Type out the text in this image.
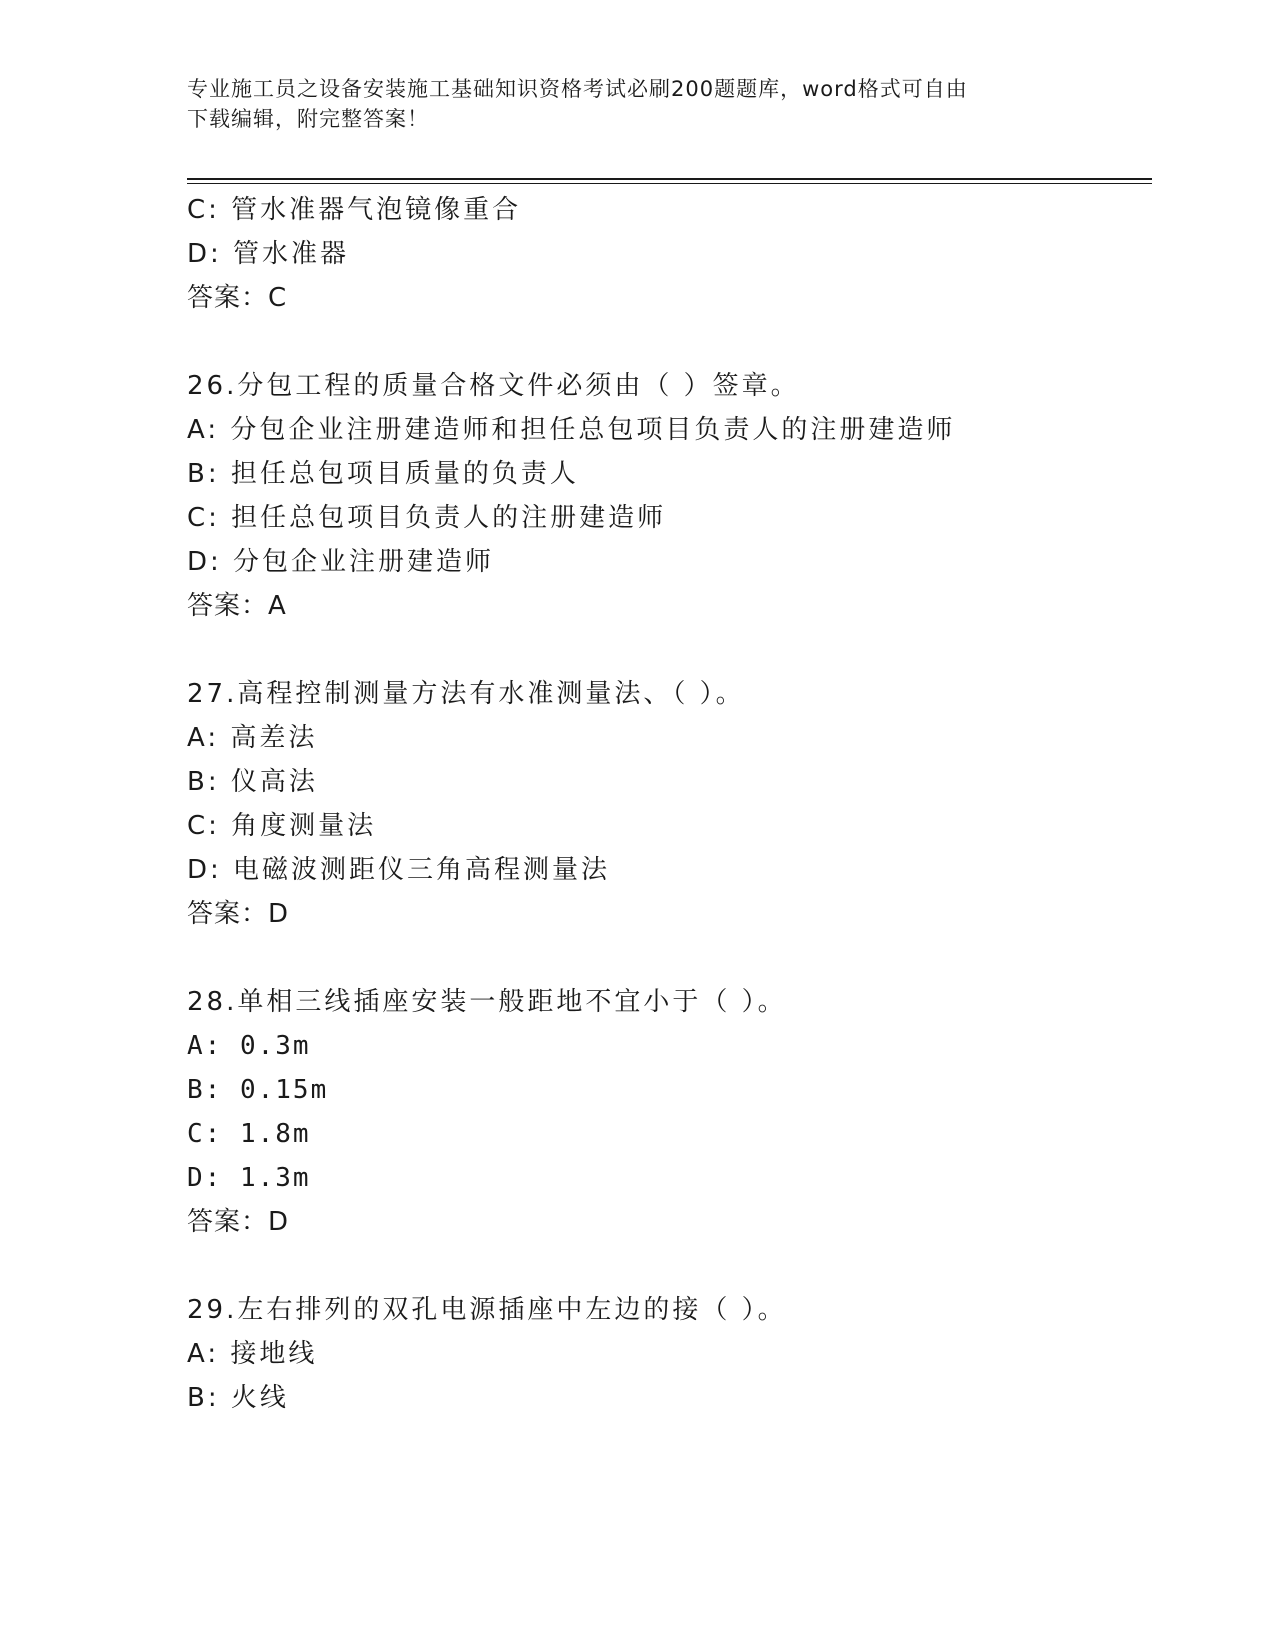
专业施工员之设备安装施工基础知识资格考试必刷200题题库，word格式可自由
下载编辑，附完整答案！
C: 管水准器气泡镜像重合
D: 管水准器
答案：C
26.分包工程的质量合格文件必须由（ ）签章。
A: 分包企业注册建造师和担任总包项目负责人的注册建造师
B: 担任总包项目质量的负责人
C: 担任总包项目负责人的注册建造师
D: 分包企业注册建造师
答案：A
27.高程控制测量方法有水准测量法、（ ）。
A: 高差法
B: 仪高法
C: 角度测量法
D: 电磁波测距仪三角高程测量法
答案：D
28.单相三线插座安装一般距地不宜小于（ ）。
A: 0.3m
B: 0.15m
C: 1.8m
D: 1.3m
答案：D
29.左右排列的双孔电源插座中左边的接（ ）。
A: 接地线
B: 火线
